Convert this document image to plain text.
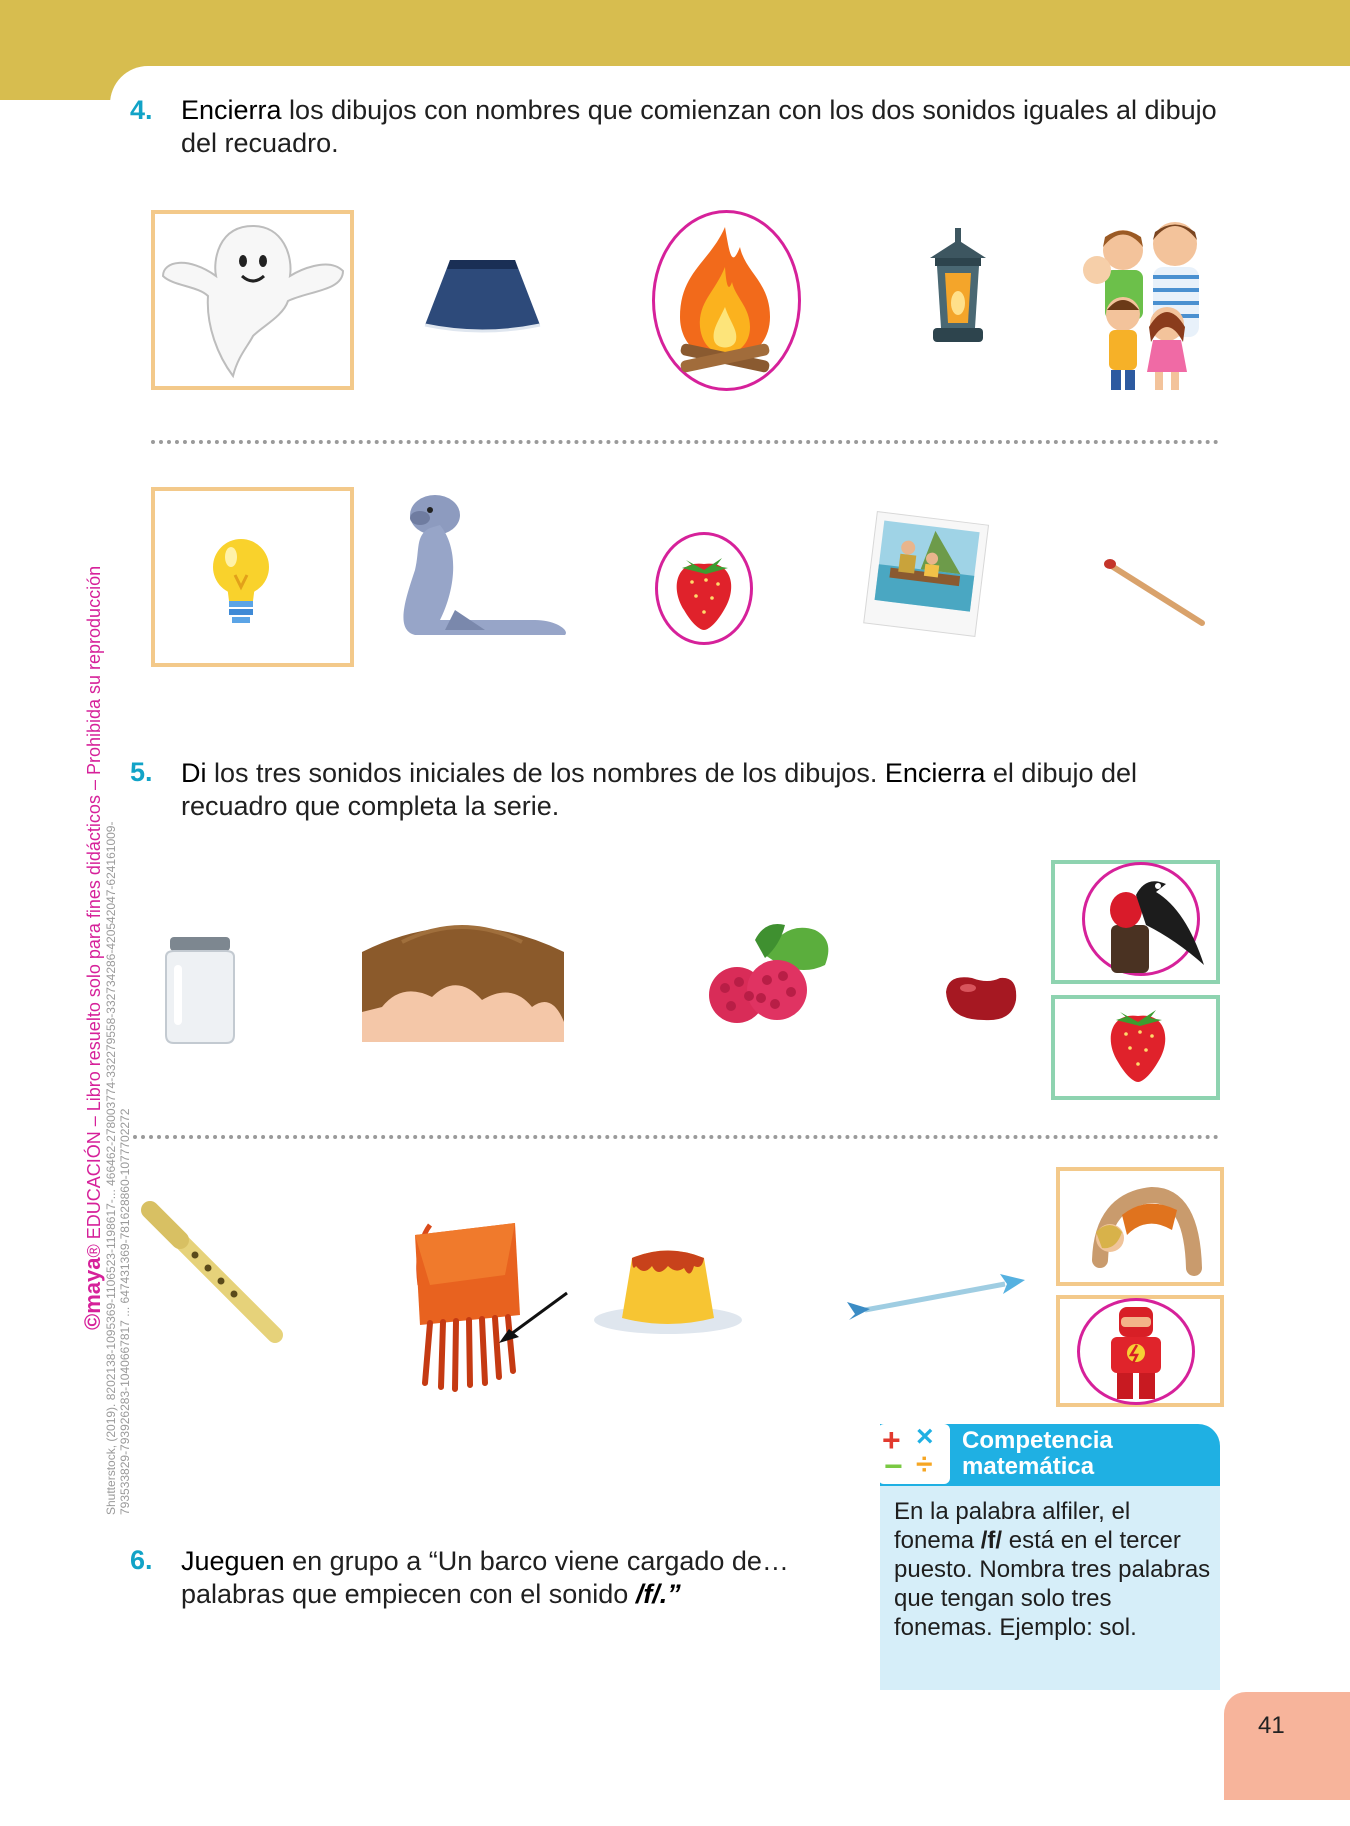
Shutterstock, (2019). 8202138-1095369-1106523-1198617-... 466462-278003774-332279558-332734286-420542047-624161009- 793533829-793926283-1040667817 ... 647431369-781628860-1077702272
©maya® EDUCACIÓN – Libro resuelto solo para fines didácticos – Prohibida su reproducción
4. Encierra los dibujos con nombres que comienzan con los dos sonidos iguales al dibujo del recuadro.
5. Di los tres sonidos iniciales de los nombres de los dibujos. Encierra el dibujo del recuadro que completa la serie.
+ ×
− ÷
Competencia
matemática
En la palabra alfiler, el fonema /f/ está en el tercer puesto. Nombra tres palabras que tengan solo tres fonemas. Ejemplo: sol.
6. Jueguen en grupo a “Un barco viene cargado de… palabras que empiecen con el sonido /f/.”
41
